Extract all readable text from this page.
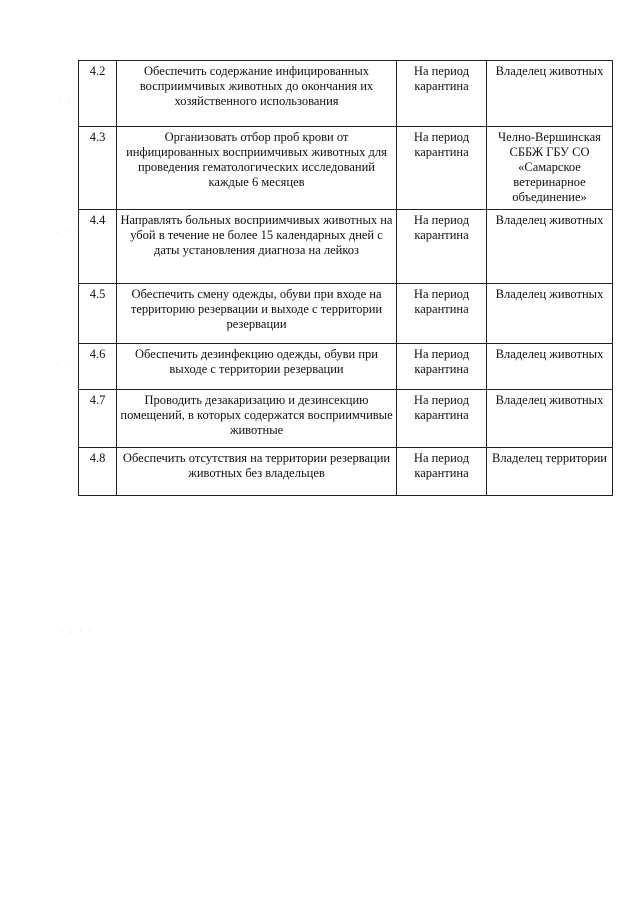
4.2	Обеспечить содержание инфицированных восприимчивых животных до окончания их хозяйственного использования	На период карантина	Владелец животных
4.3	Организовать отбор проб крови от инфицированных восприимчивых животных для проведения гематологических исследований каждые 6 месяцев	На период карантина	Челно-Вершинская СББЖ ГБУ СО «Самарское ветеринарное объединение»
4.4	Направлять больных восприимчивых животных на убой в течение не более 15 календарных дней с даты установления диагноза на лейкоз	На период карантина	Владелец животных
4.5	Обеспечить смену одежды, обуви при входе на территорию резервации и выходе с территории резервации	На период карантина	Владелец животных
4.6	Обеспечить дезинфекцию одежды, обуви при выходе с территории резервации	На период карантина	Владелец животных
4.7	Проводить дезакаризацию и дезинсекцию помещений, в которых содержатся восприимчивые животные	На период карантина	Владелец животных
4.8	Обеспечить отсутствия на территории резервации животных без владельцев	На период карантина	Владелец территории
· :
. · ·
: ·
· : · ·
